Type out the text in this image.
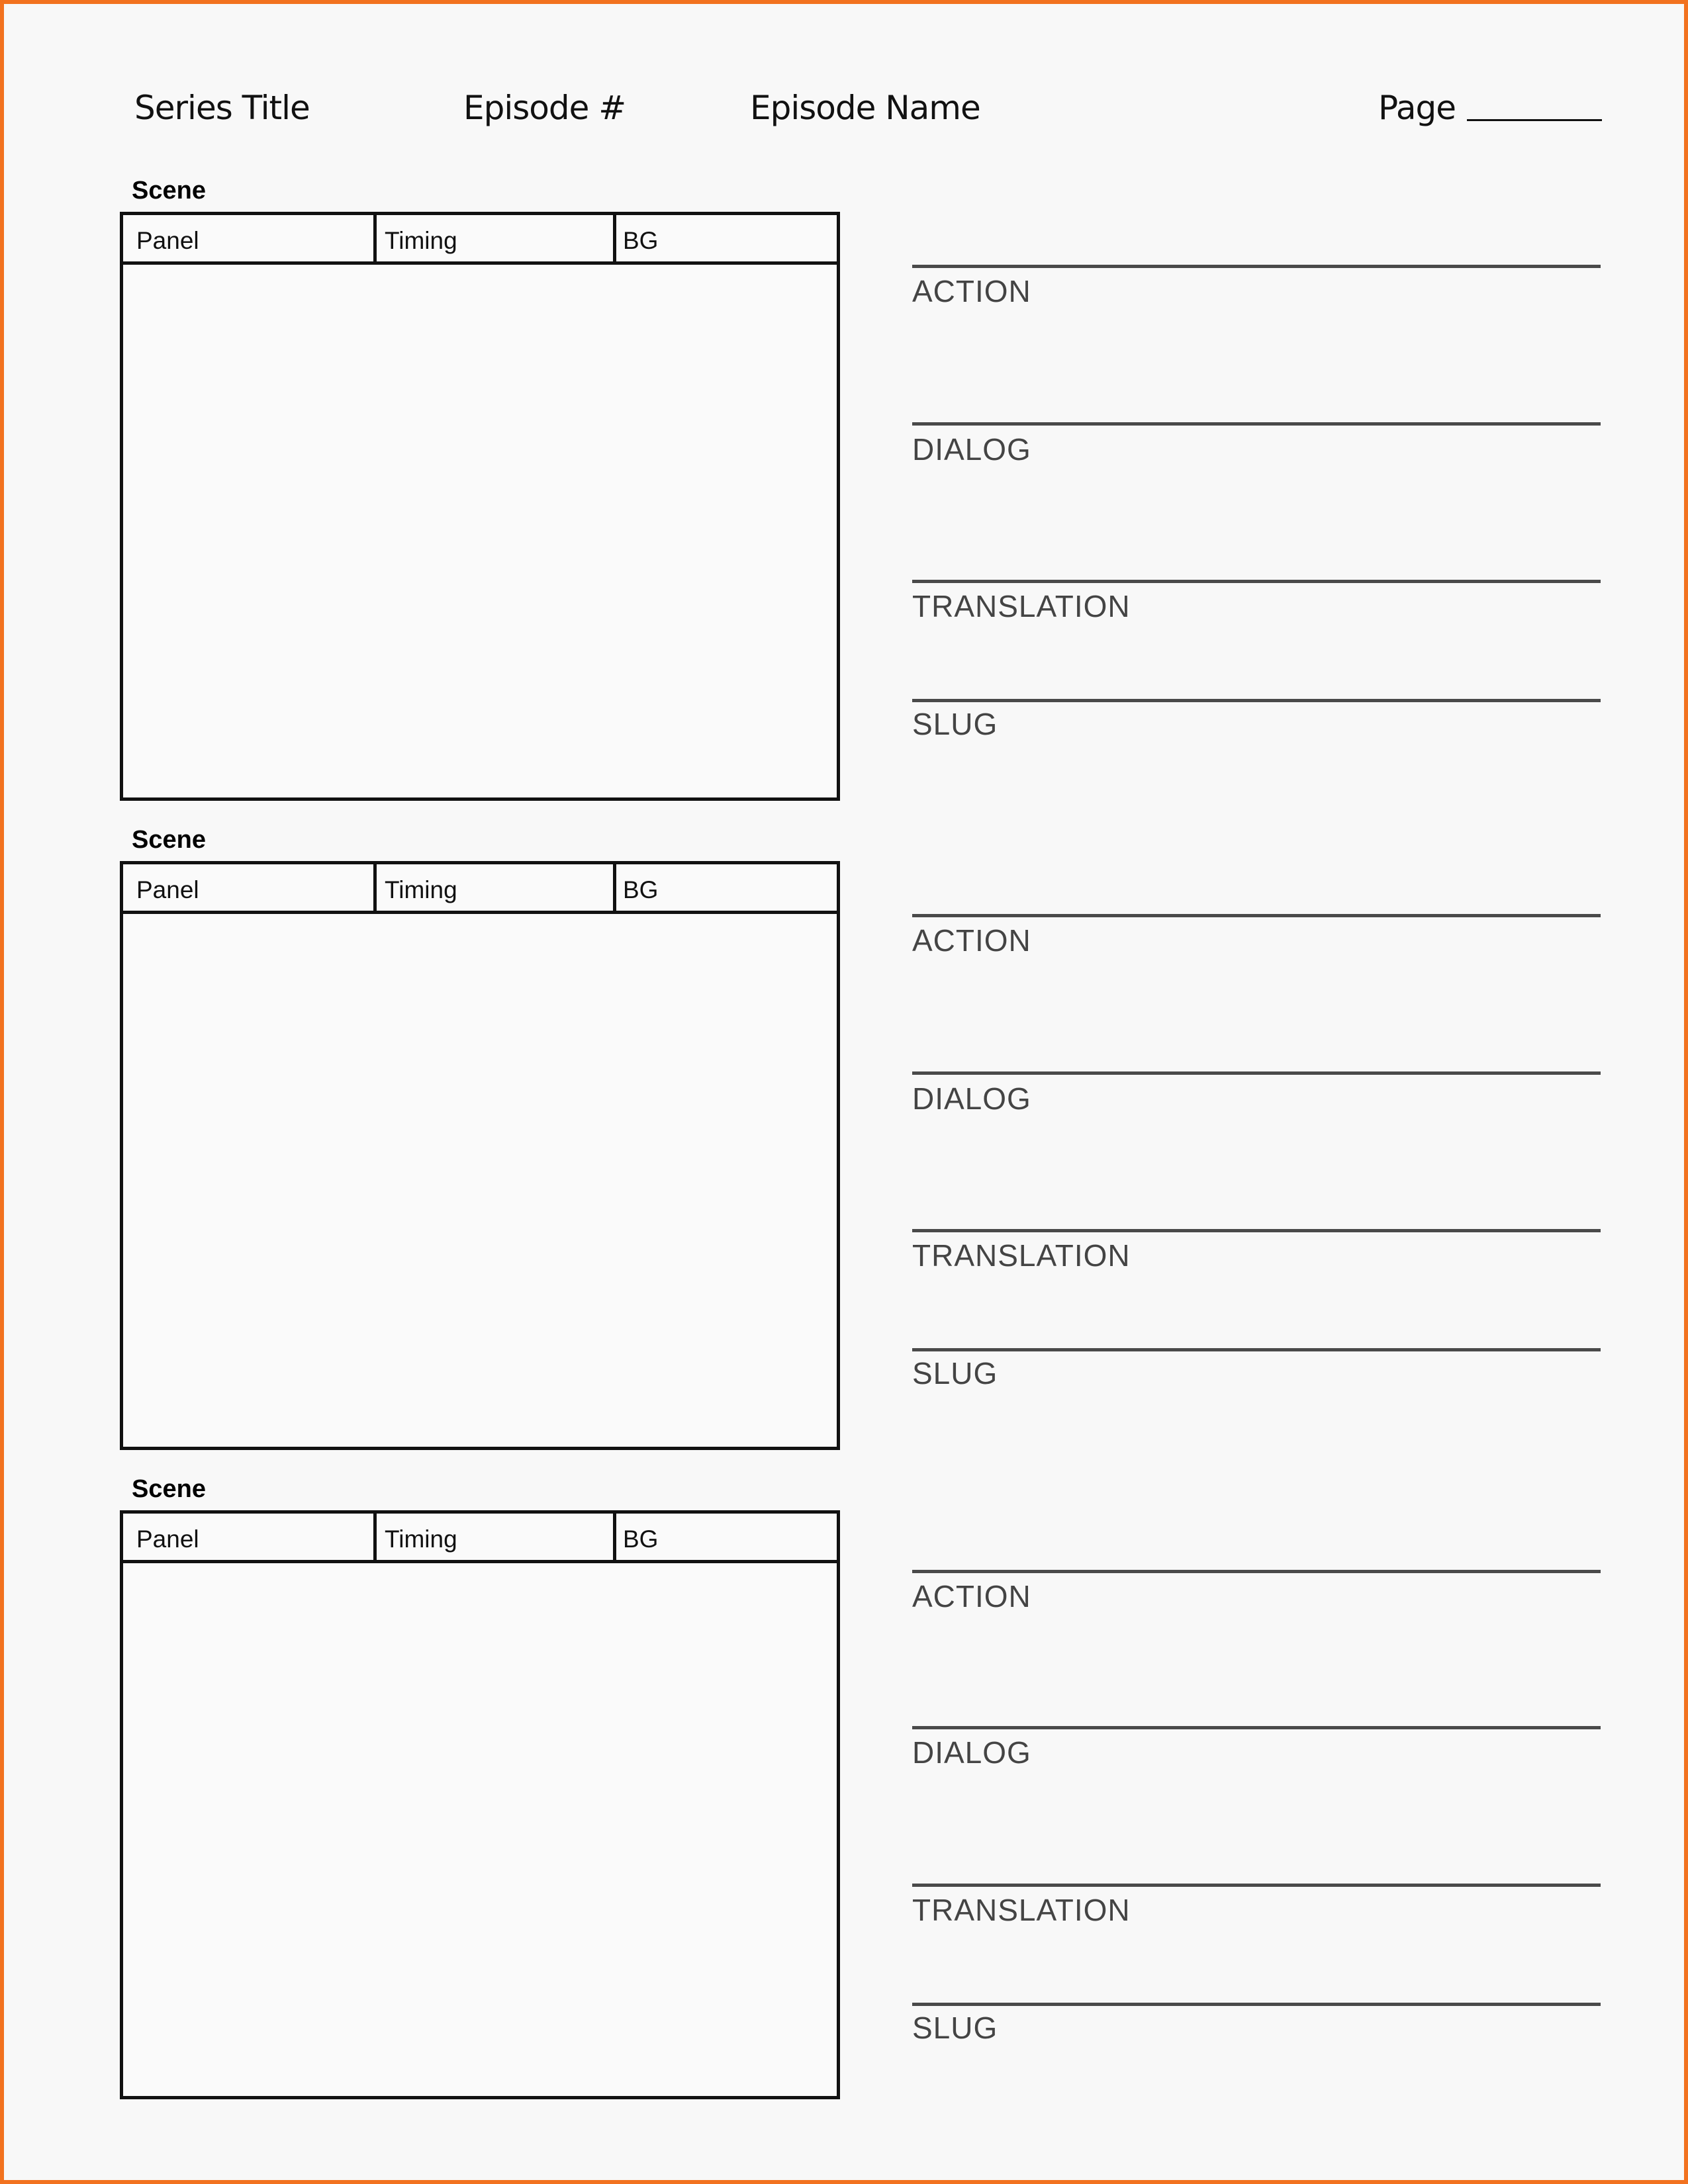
Series Title	Episode #	Episode Name	Page
Scene
Panel	Timing	BG
ACTION
DIALOG
TRANSLATION
SLUG
Scene
Panel	Timing	BG
ACTION
DIALOG
TRANSLATION
SLUG
Scene
Panel	Timing	BG
ACTION
DIALOG
TRANSLATION
SLUG
